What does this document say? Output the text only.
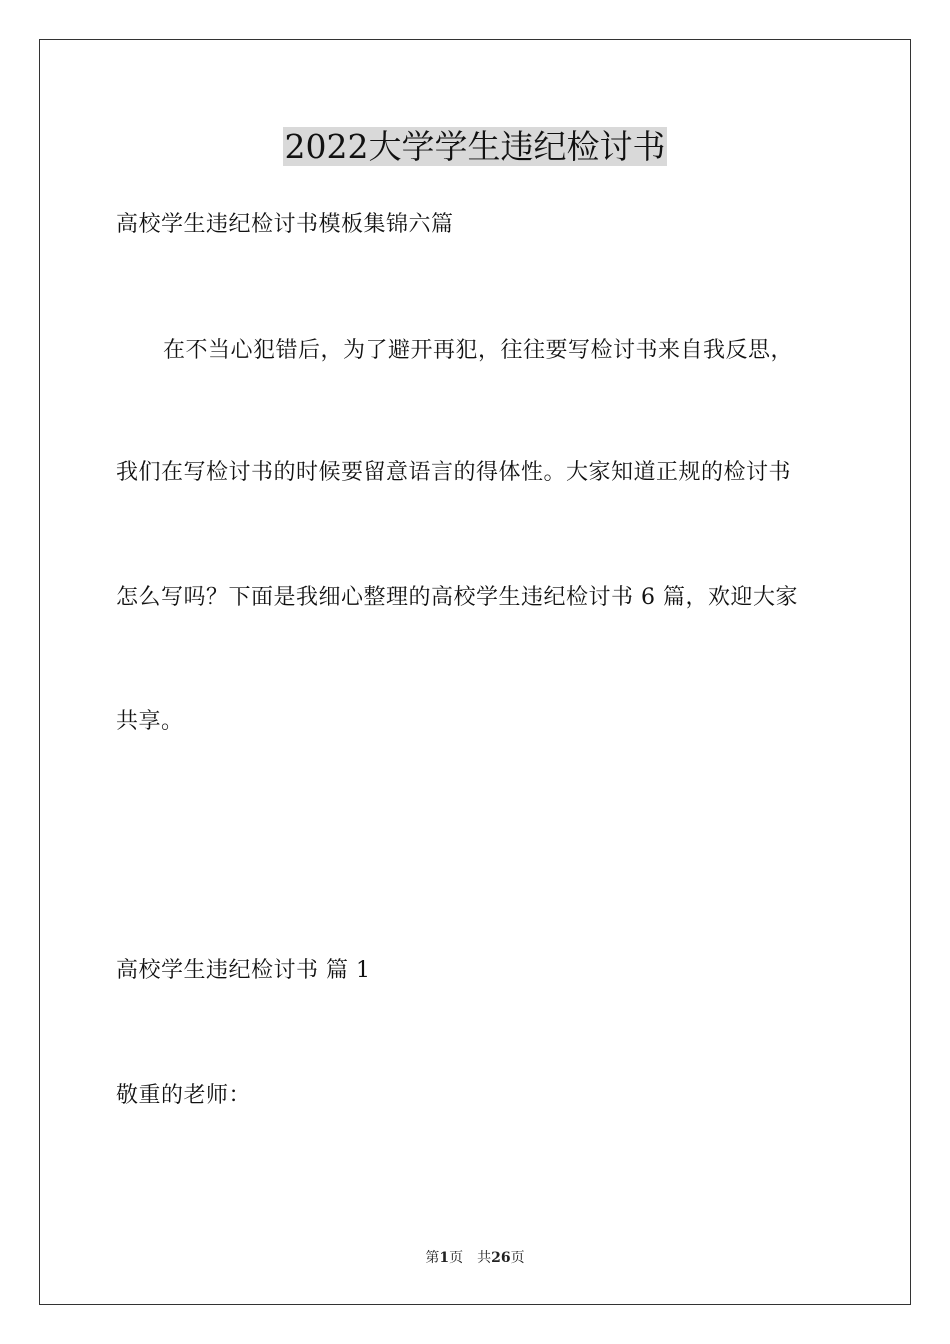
2022大学学生违纪检讨书

高校学生违纪检讨书模板集锦六篇

在不当心犯错后，为了避开再犯，往往要写检讨书来自我反思，

我们在写检讨书的时候要留意语言的得体性。大家知道正规的检讨书

怎么写吗？下面是我细心整理的高校学生违纪检讨书 6 篇，欢迎大家

共享。

高校学生违纪检讨书 篇 1

敬重的老师：

第1页　共26页
